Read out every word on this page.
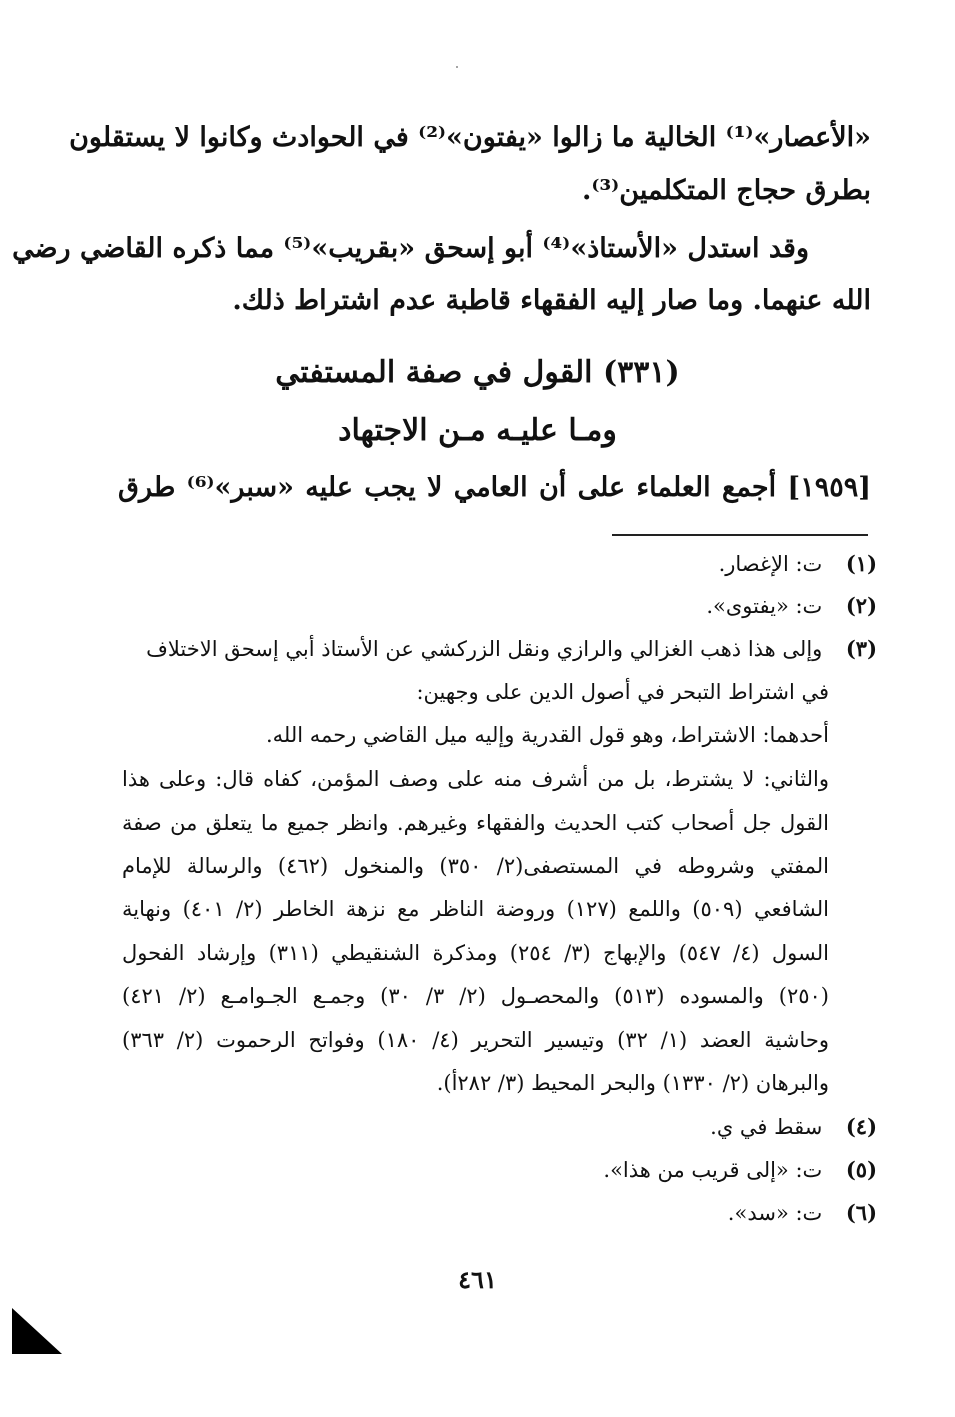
«الأعصار»⁽¹⁾ الخالية ما زالوا «يفتون»⁽²⁾ في الحوادث وكانوا لا يستقلون
بطرق حجاج المتكلمين⁽³⁾.
وقد استدل «الأستاذ»⁽⁴⁾ أبو إسحق «بقريب»⁽⁵⁾ مما ذكره القاضي رضي
الله عنهما. وما صار إليه الفقهاء قاطبة عدم اشتراط ذلك.
(٣٣١) القول في صفة المستفتي
ومـا عليـه مـن الاجتهاد
[١٩٥٩] أجمع العلماء على أن العامي لا يجب عليه «سبر»⁽⁶⁾ طرق
(١) ت: الإغصار.
(٢) ت: «يفتوى».
(٣) وإلى هذا ذهب الغزالي والرازي ونقل الزركشي عن الأستاذ أبي إسحق الاختلاف
في اشتراط التبحر في أصول الدين على وجهين:
أحدهما: الاشتراط، وهو قول القدرية وإليه ميل القاضي رحمه الله.
والثاني: لا يشترط، بل من أشرف منه على وصف المؤمن، كفاه قال: وعلى هذا
القول جل أصحاب كتب الحديث والفقهاء وغيرهم. وانظر جميع ما يتعلق من صفة
المفتي وشروطه في المستصفى(٢/ ٣٥٠) والمنخول (٤٦٢) والرسالة للإمام
الشافعي (٥٠٩) واللمع (١٢٧) وروضة الناظر مع نزهة الخاطر (٢/ ٤٠١) ونهاية
السول (٤/ ٥٤٧) والإبهاج (٣/ ٢٥٤) ومذكرة الشنقيطي (٣١١) وإرشاد الفحول
(٢٥٠) والمسوده (٥١٣) والمحصـول (٢/ ٣/ ٣٠) وجمـع الجـوامـع (٢/ ٤٢١)
وحاشية العضد (١/ ٣٢) وتيسير التحرير (٤/ ١٨٠) وفواتح الرحموت (٢/ ٣٦٣)
والبرهان (٢/ ١٣٣٠) والبحر المحيط (٣/ ٢٨٢أ).
(٤) سقط في ي.
(٥) ت: «إلى قريب من هذا».
(٦) ت: «سد».
٤٦١
